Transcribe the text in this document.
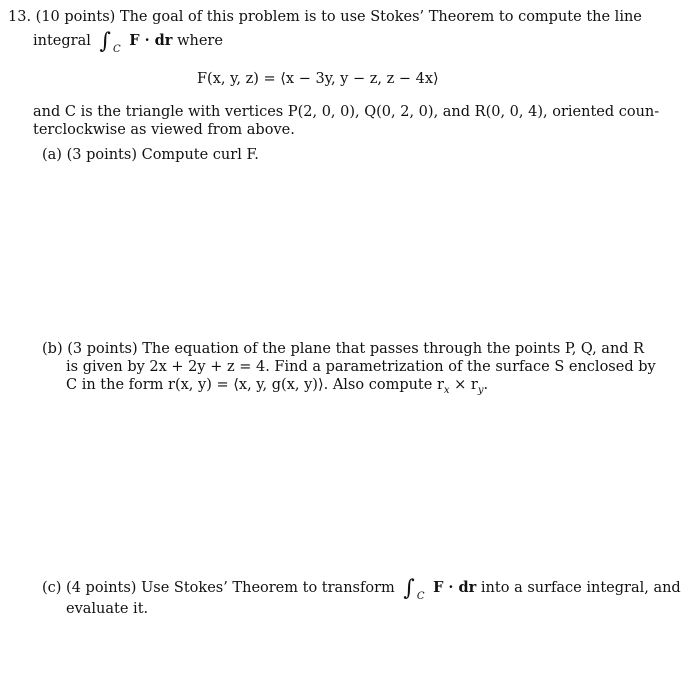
13. (10 points) The goal of this problem is to use Stokes’ Theorem to compute the line
integral ∫ $_C$ F · dr where
F(x, y, z) = ⟨x − 3y, y − z, z − 4x⟩
and C is the triangle with vertices P(2, 0, 0), Q(0, 2, 0), and R(0, 0, 4), oriented coun-
terclockwise as viewed from above.
(a) (3 points) Compute curl F.
(b) (3 points) The equation of the plane that passes through the points P, Q, and R
is given by 2x + 2y + z = 4. Find a parametrization of the surface S enclosed by
C in the form r(x, y) = ⟨x, y, g(x, y)⟩. Also compute $r_x \times r_y$.
(c) (4 points) Use Stokes’ Theorem to transform ∫ $_C$ F · dr into a surface integral, and
evaluate it.
